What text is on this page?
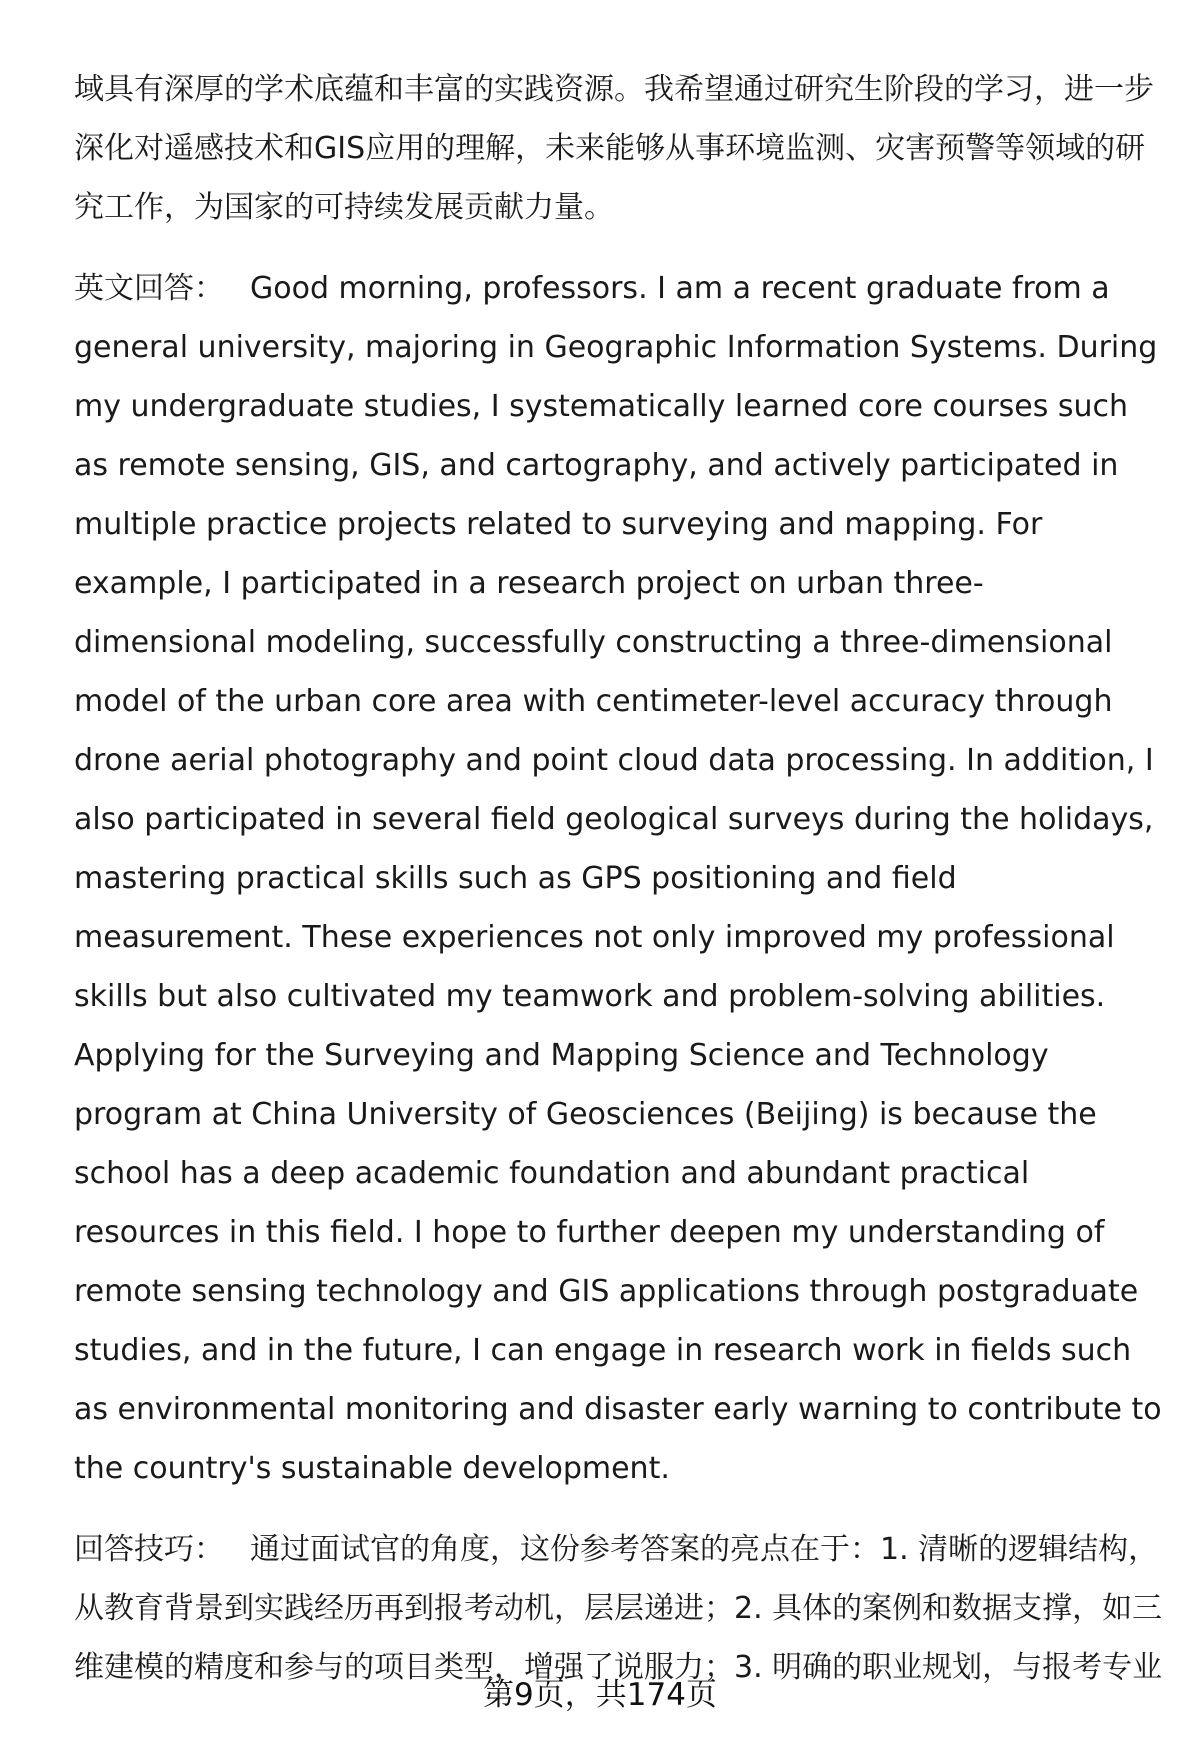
域具有深厚的学术底蕴和丰富的实践资源。我希望通过研究生阶段的学习，进一步深化对遥感技术和GIS应用的理解，未来能够从事环境监测、灾害预警等领域的研究工作，为国家的可持续发展贡献力量。

英文回答： Good morning, professors. I am a recent graduate from a general university, majoring in Geographic Information Systems. During my undergraduate studies, I systematically learned core courses such as remote sensing, GIS, and cartography, and actively participated in multiple practice projects related to surveying and mapping. For example, I participated in a research project on urban three-dimensional modeling, successfully constructing a three-dimensional model of the urban core area with centimeter-level accuracy through drone aerial photography and point cloud data processing. In addition, I also participated in several field geological surveys during the holidays, mastering practical skills such as GPS positioning and field measurement. These experiences not only improved my professional skills but also cultivated my teamwork and problem-solving abilities. Applying for the Surveying and Mapping Science and Technology program at China University of Geosciences (Beijing) is because the school has a deep academic foundation and abundant practical resources in this field. I hope to further deepen my understanding of remote sensing technology and GIS applications through postgraduate studies, and in the future, I can engage in research work in fields such as environmental monitoring and disaster early warning to contribute to the country's sustainable development.

回答技巧： 通过面试官的角度，这份参考答案的亮点在于：1. 清晰的逻辑结构，从教育背景到实践经历再到报考动机，层层递进；2. 具体的案例和数据支撑，如三维建模的精度和参与的项目类型，增强了说服力；3. 明确的职业规划，与报考专业

第9页，共174页
